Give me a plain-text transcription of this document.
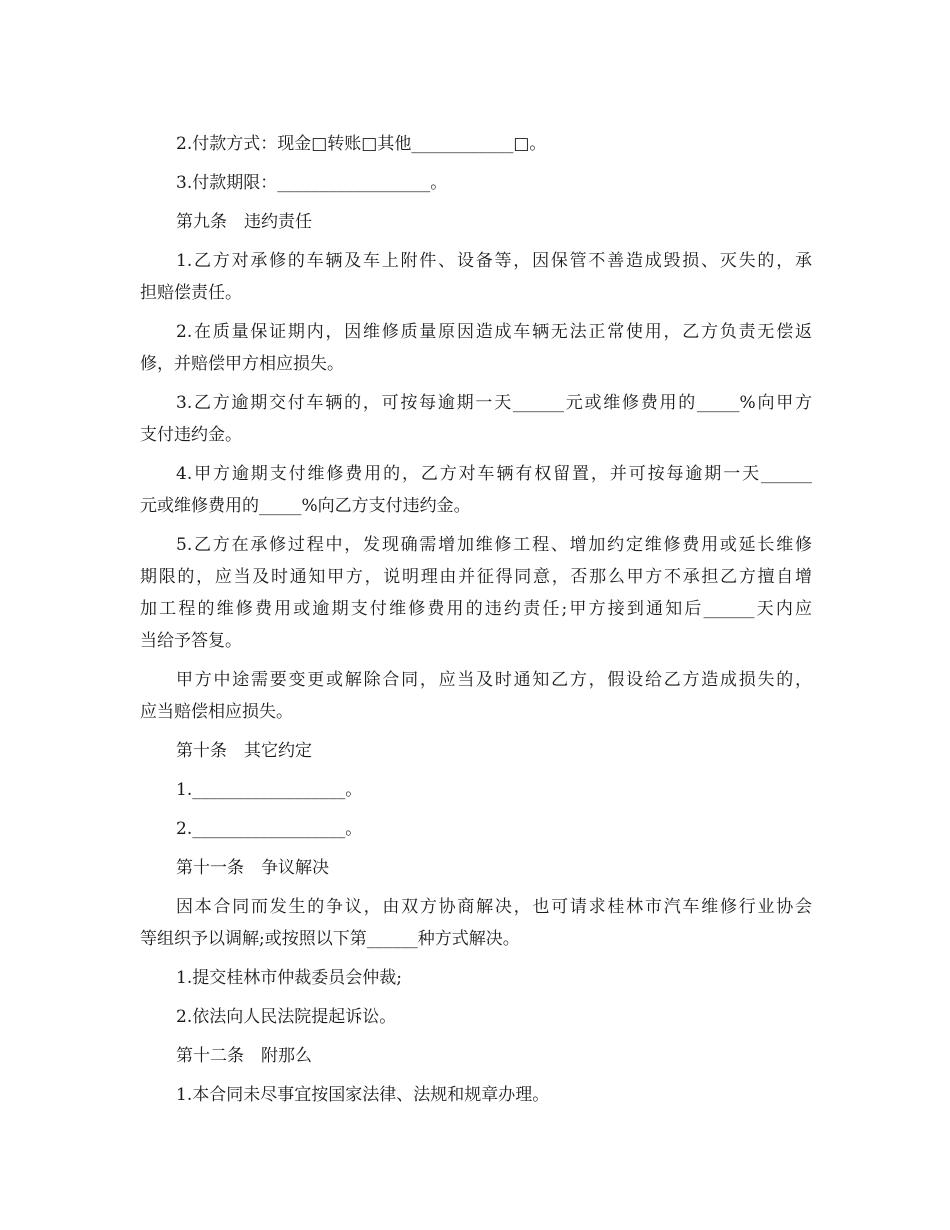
2.付款方式：现金□转账□其他____________□。
3.付款期限：__________________。
第九条　违约责任
1.乙方对承修的车辆及车上附件、设备等，因保管不善造成毁损、灭失的，承
担赔偿责任。
2.在质量保证期内，因维修质量原因造成车辆无法正常使用，乙方负责无偿返
修，并赔偿甲方相应损失。
3.乙方逾期交付车辆的，可按每逾期一天______元或维修费用的_____%向甲方
支付违约金。
4.甲方逾期支付维修费用的，乙方对车辆有权留置，并可按每逾期一天______
元或维修费用的_____%向乙方支付违约金。
5.乙方在承修过程中，发现确需增加维修工程、增加约定维修费用或延长维修
期限的，应当及时通知甲方，说明理由并征得同意，否那么甲方不承担乙方擅自增
加工程的维修费用或逾期支付维修费用的违约责任;甲方接到通知后______天内应
当给予答复。
甲方中途需要变更或解除合同，应当及时通知乙方，假设给乙方造成损失的，
应当赔偿相应损失。
第十条　其它约定
1.__________________。
2.__________________。
第十一条　争议解决
因本合同而发生的争议，由双方协商解决，也可请求桂林市汽车维修行业协会
等组织予以调解;或按照以下第______种方式解决。
1.提交桂林市仲裁委员会仲裁;
2.依法向人民法院提起诉讼。
第十二条　附那么
1.本合同未尽事宜按国家法律、法规和规章办理。
